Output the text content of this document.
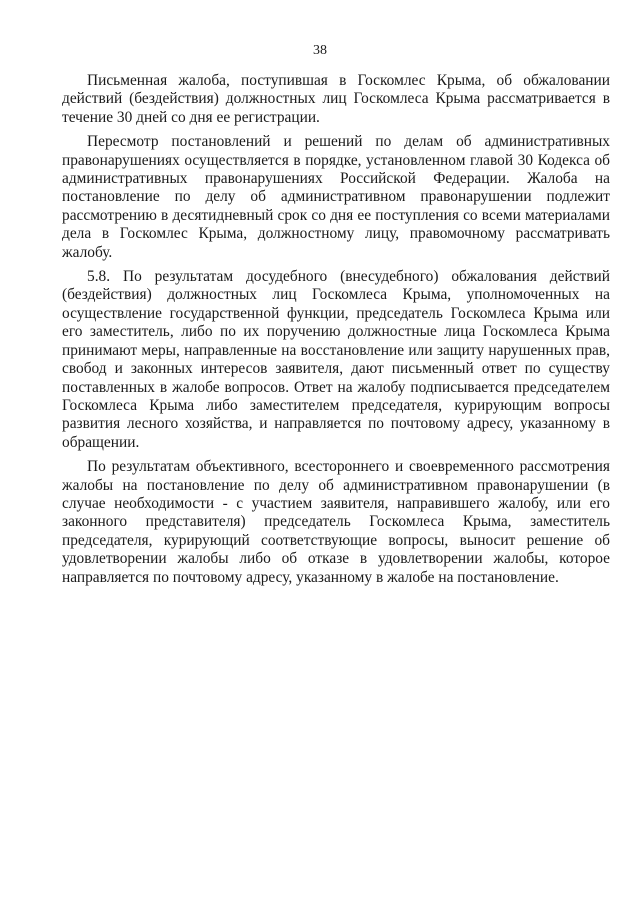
38

Письменная жалоба, поступившая в Госкомлес Крыма, об обжаловании действий (бездействия) должностных лиц Госкомлеса Крыма рассматривается в течение 30 дней со дня ее регистрации.

Пересмотр постановлений и решений по делам об административных правонарушениях осуществляется в порядке, установленном главой 30 Кодекса об административных правонарушениях Российской Федерации. Жалоба на постановление по делу об административном правонарушении подлежит рассмотрению в десятидневный срок со дня ее поступления со всеми материалами дела в Госкомлес Крыма, должностному лицу, правомочному рассматривать жалобу.

5.8. По результатам досудебного (внесудебного) обжалования действий (бездействия) должностных лиц Госкомлеса Крыма, уполномоченных на осуществление государственной функции, председатель Госкомлеса Крыма или его заместитель, либо по их поручению должностные лица Госкомлеса Крыма принимают меры, направленные на восстановление или защиту нарушенных прав, свобод и законных интересов заявителя, дают письменный ответ по существу поставленных в жалобе вопросов. Ответ на жалобу подписывается председателем Госкомлеса Крыма либо заместителем председателя, курирующим вопросы развития лесного хозяйства, и направляется по почтовому адресу, указанному в обращении.

По результатам объективного, всестороннего и своевременного рассмотрения жалобы на постановление по делу об административном правонарушении (в случае необходимости - с участием заявителя, направившего жалобу, или его законного представителя) председатель Госкомлеса Крыма, заместитель председателя, курирующий соответствующие вопросы, выносит решение об удовлетворении жалобы либо об отказе в удовлетворении жалобы, которое направляется по почтовому адресу, указанному в жалобе на постановление.
